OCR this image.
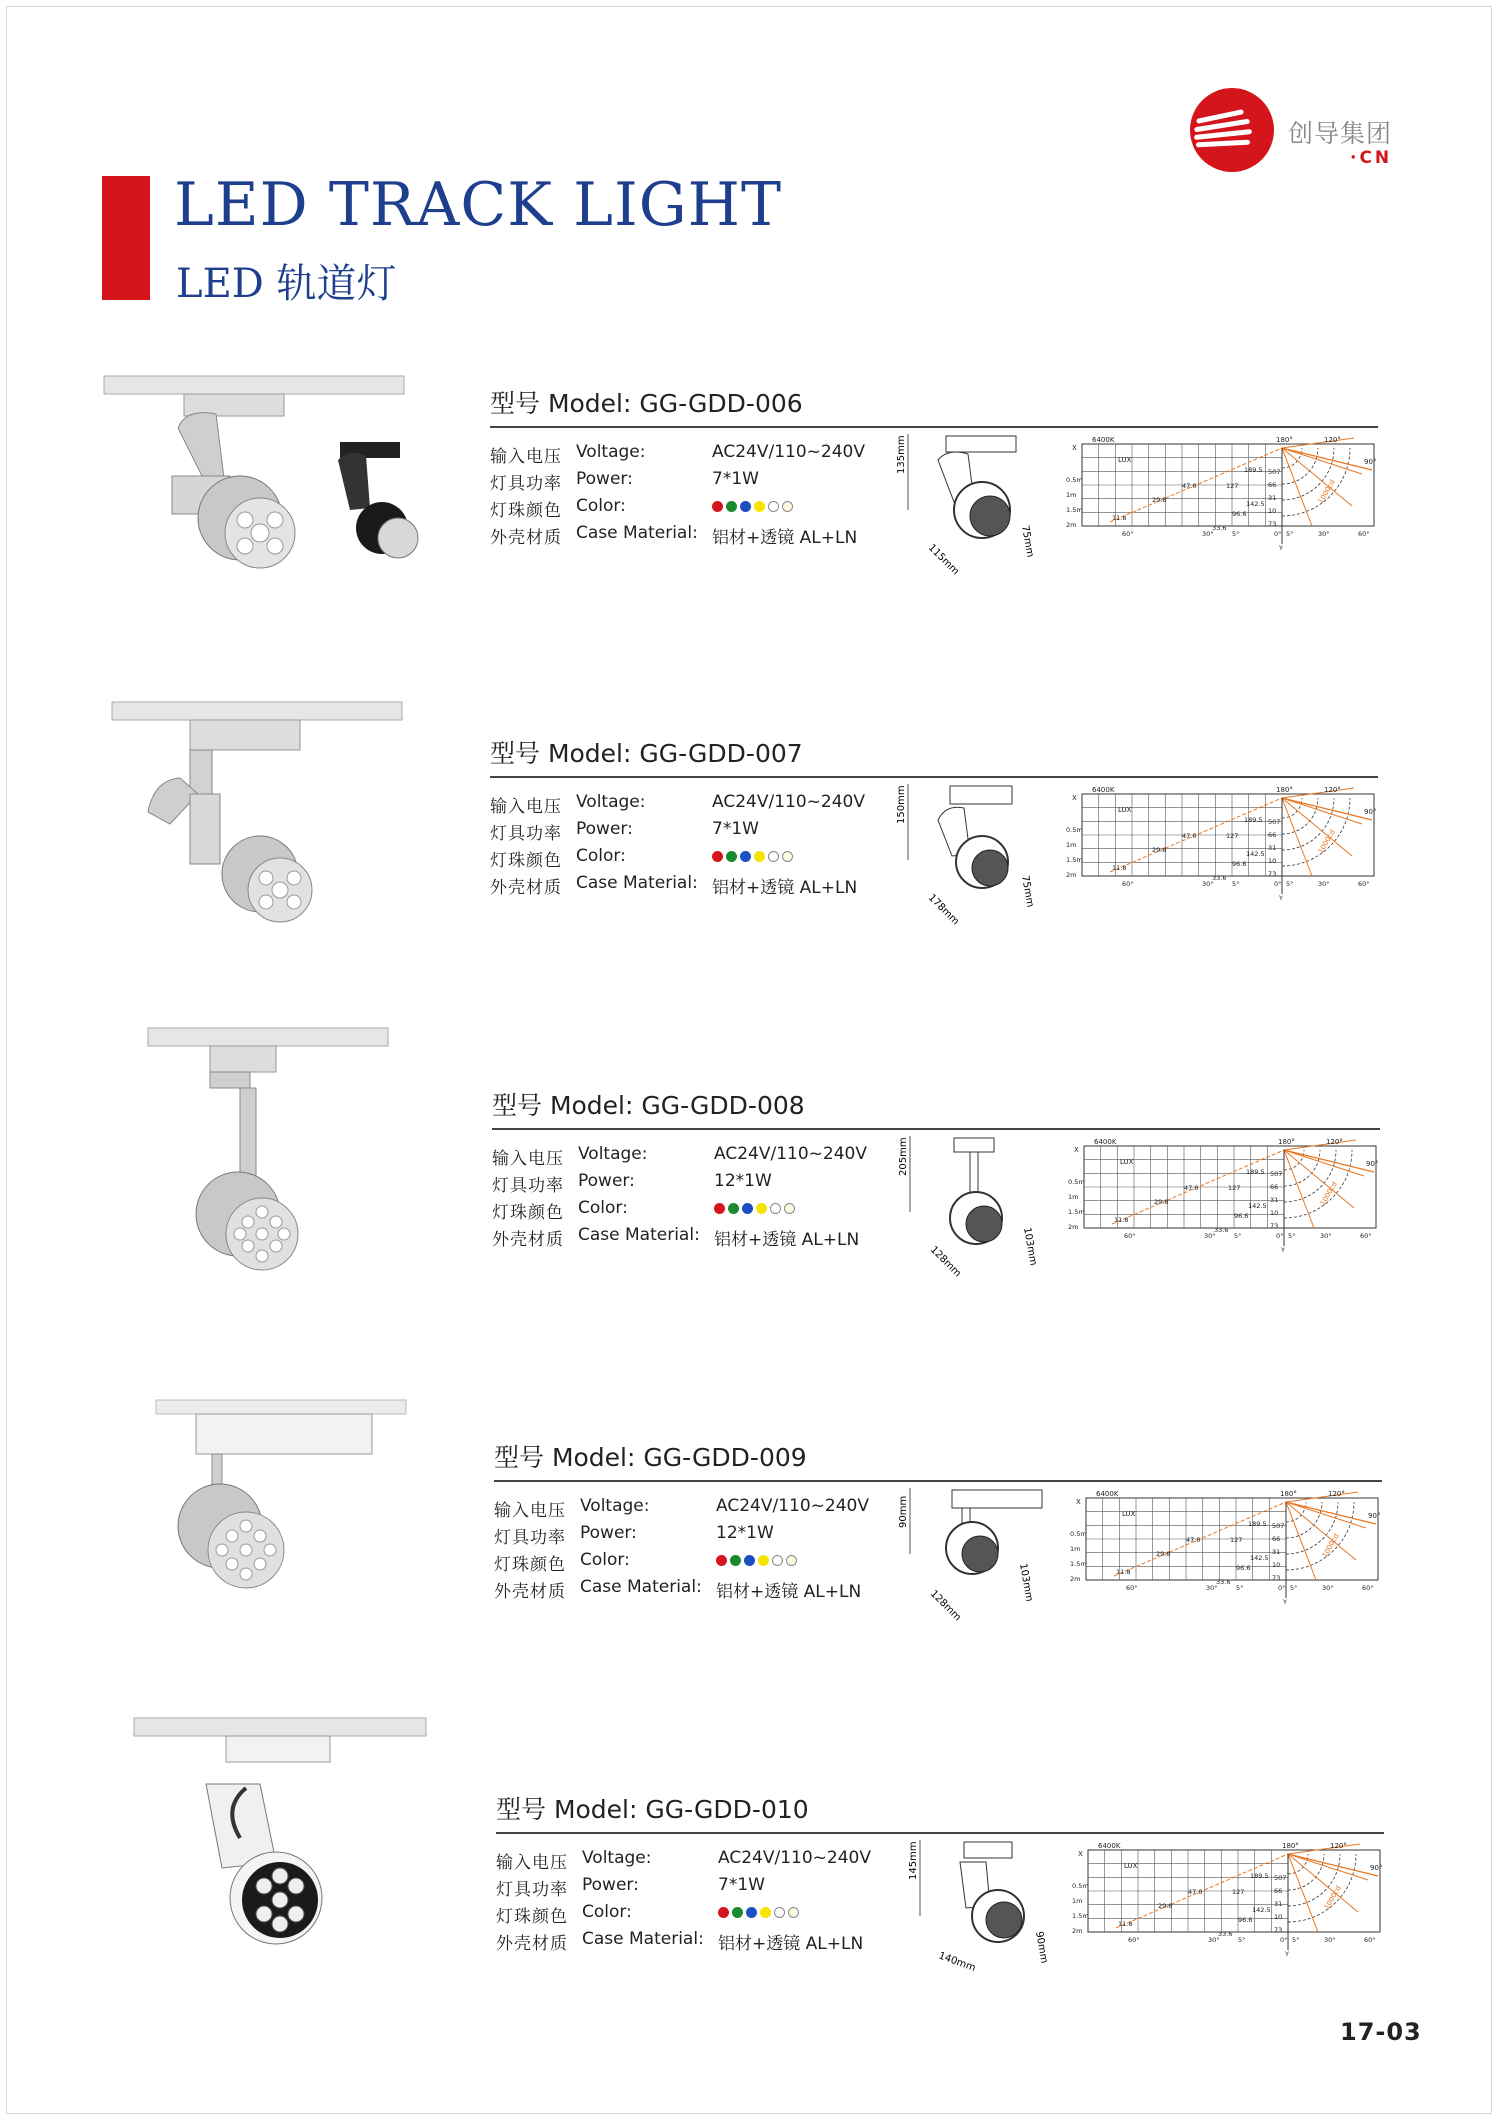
创导集团
·CN
LED TRACK LIGHT
LED 轨道灯
型号 Model: GG-GDD-006
输入电压 Voltage:	AC24V/110~240V
灯具功率 Power:	7*1W
灯珠颜色 Color:
外壳材质 Case Material: 铝材+透镜 AL+LN
135mm
115mm
75mm
6400K
X
LUX
180°	120°
90°
1000cd
0.5m
1m
1.5m
2m
189.5
47.0	127
29.8
96.6
11.8
33.6
142.5
507
66
31
10
73
60°	30°	5°	0° 5°	30°	60°
Y
型号 Model: GG-GDD-007
输入电压 Voltage:	AC24V/110~240V
灯具功率 Power:	7*1W
灯珠颜色 Color:
外壳材质 Case Material: 铝材+透镜 AL+LN
150mm
178mm
75mm
6400K
X
LUX
180°	120°
90°
1000cd
0.5m
1m
1.5m
2m
189.5
47.0	127
29.8
96.6
11.8
33.6
142.5
507
66
31
10
73
60°	30°	5°	0° 5°	30°	60°
Y
型号 Model: GG-GDD-008
输入电压 Voltage:	AC24V/110~240V
灯具功率 Power:	12*1W
灯珠颜色 Color:
外壳材质 Case Material: 铝材+透镜 AL+LN
205mm
128mm	103mm
6400K
X
LUX
180°	120°
90°
1000cd
0.5m
1m
1.5m
2m
189.5
47.0	127
29.8
96.6
11.8
33.6
142.5
507
66
31
10
73
60°	30°	5°	0° 5°	30°	60°
Y
型号 Model: GG-GDD-009
输入电压 Voltage:	AC24V/110~240V
灯具功率 Power:	12*1W
灯珠颜色 Color:
外壳材质 Case Material: 铝材+透镜 AL+LN
90mm
128mm
103mm
6400K
X
LUX
180°	120°
90°
1000cd
0.5m
1m
1.5m
2m
189.5
47.0	127
29.8
96.6
11.8
33.6
142.5
507
66
31
10
73
60°	30°	5°	0° 5°	30°	60°
Y
型号 Model: GG-GDD-010
输入电压 Voltage:	AC24V/110~240V
灯具功率 Power:	7*1W
灯珠颜色 Color:
外壳材质 Case Material: 铝材+透镜 AL+LN
145mm
140mm	90mm
6400K
X
LUX
180°	120°
90°
1000cd
0.5m
1m
1.5m
2m
189.5
47.0	127
29.8
96.6
11.8
33.6
142.5
507
66
31
10
73
60°	30°	5°	0° 5°	30°	60°
Y
17-03
